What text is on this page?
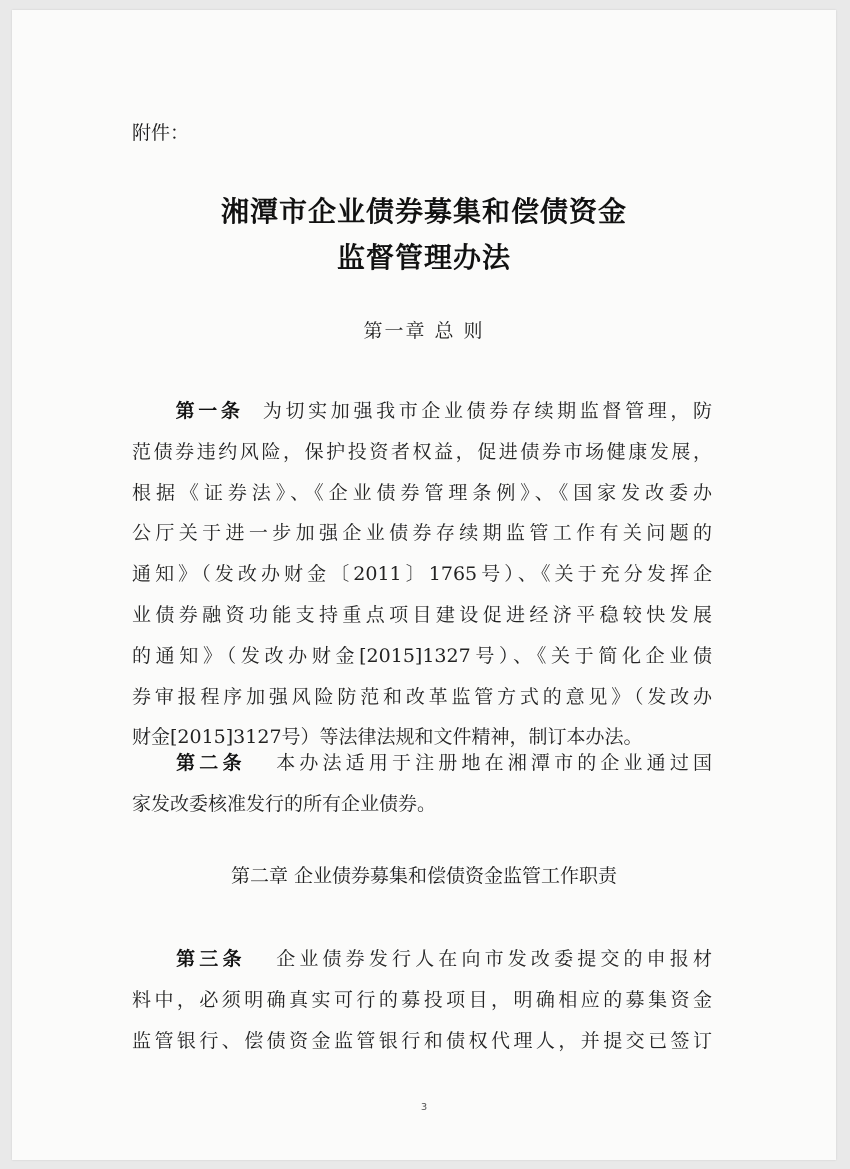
附件：
湘潭市企业债券募集和偿债资金
监督管理办法
第一章 总 则
第一条 为切实加强我市企业债券存续期监督管理，防
范债券违约风险，保护投资者权益，促进债券市场健康发展，
根据《证券法》、《企业债券管理条例》、《国家发改委办
公厅关于进一步加强企业债券存续期监管工作有关问题的
通知》（发改办财金〔2011〕1765号）、《关于充分发挥企
业债券融资功能支持重点项目建设促进经济平稳较快发展
的通知》（发改办财金[2015]1327号）、《关于简化企业债
券审报程序加强风险防范和改革监管方式的意见》（发改办
财金[2015]3127号）等法律法规和文件精神，制订本办法。
第二条 本办法适用于注册地在湘潭市的企业通过国
家发改委核准发行的所有企业债券。
第二章 企业债券募集和偿债资金监管工作职责
第三条 企业债券发行人在向市发改委提交的申报材
料中，必须明确真实可行的募投项目，明确相应的募集资金
监管银行、偿债资金监管银行和债权代理人，并提交已签订
3
